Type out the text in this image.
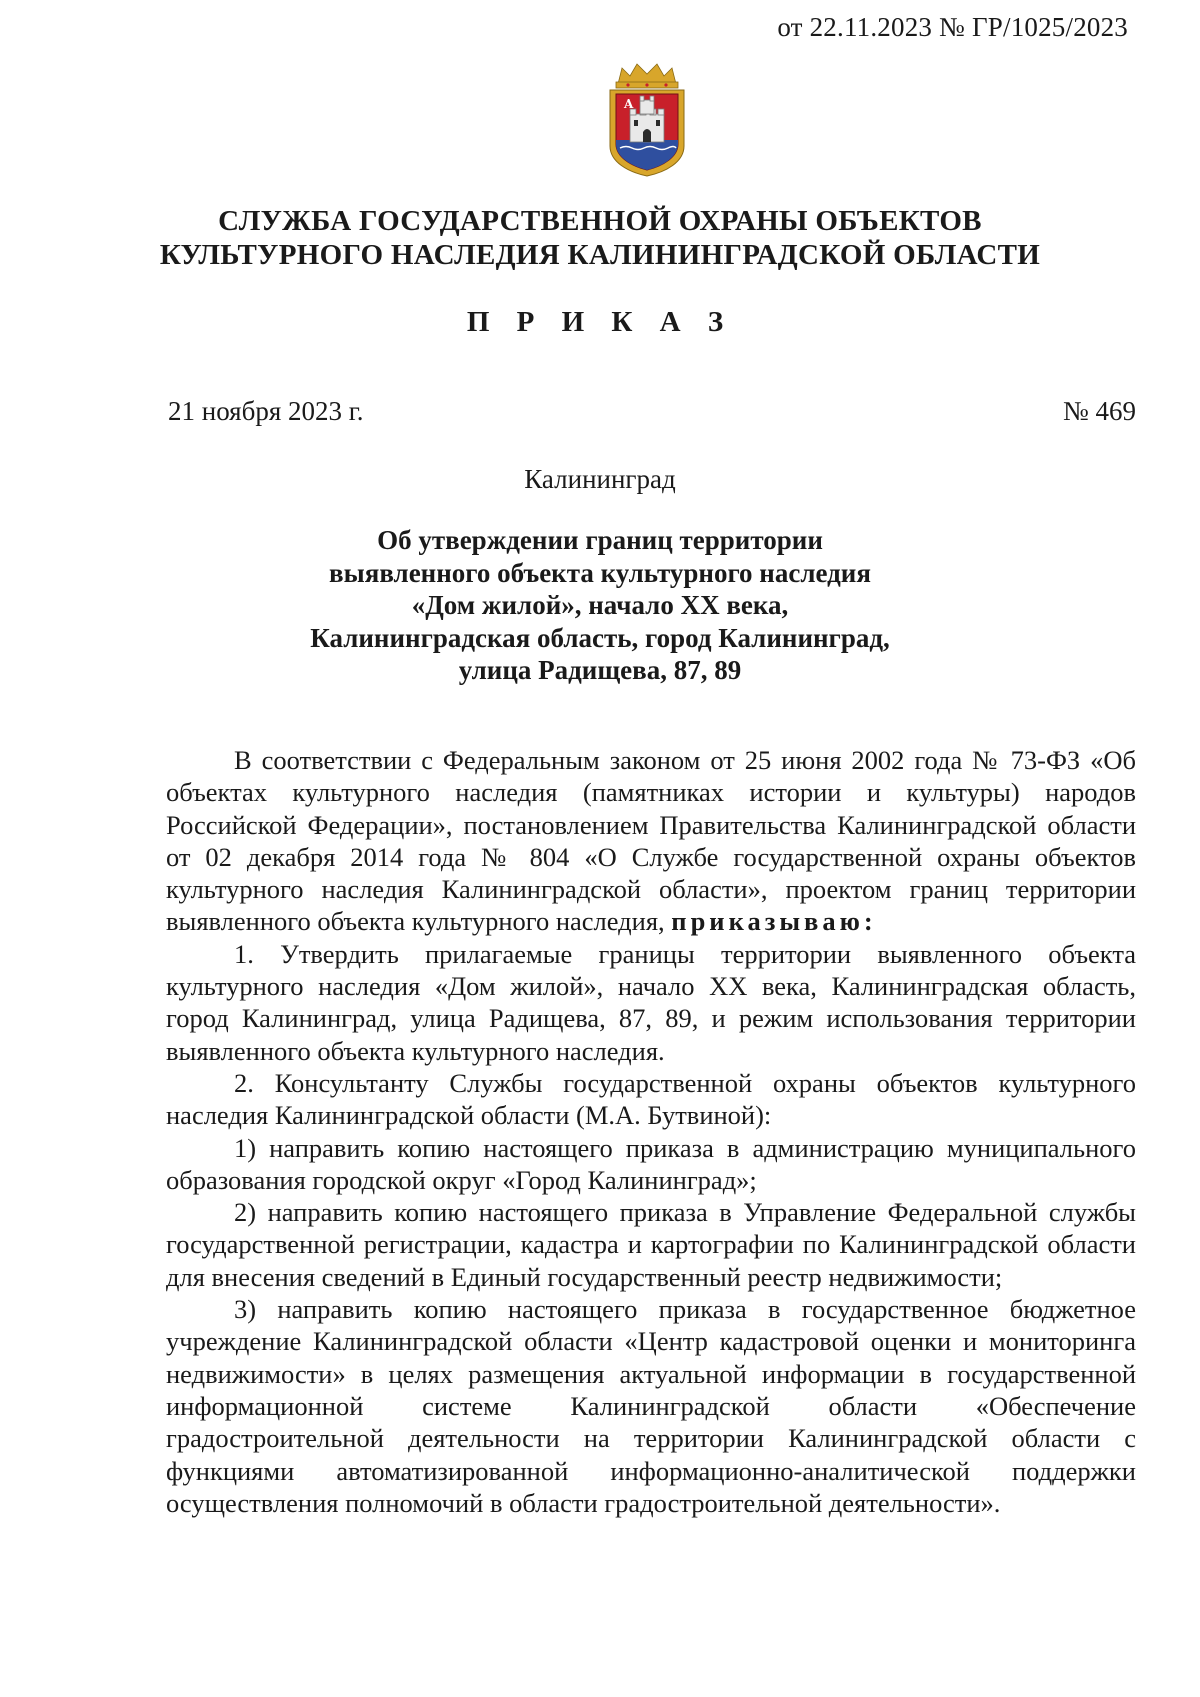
от 22.11.2023 № ГР/1025/2023
A
СЛУЖБА ГОСУДАРСТВЕННОЙ ОХРАНЫ ОБЪЕКТОВ
КУЛЬТУРНОГО НАСЛЕДИЯ КАЛИНИНГРАДСКОЙ ОБЛАСТИ
П Р И К А З
21 ноября 2023 г.	№ 469
Калининград
Об утверждении границ территории
выявленного объекта культурного наследия
«Дом жилой», начало XX века,
Калининградская область, город Калининград,
улица Радищева, 87, 89

В соответствии с Федеральным законом от 25 июня 2002 года № 73-ФЗ «Об объектах культурного наследия (памятниках истории и культуры) народов Российской Федерации», постановлением Правительства Калининградской области от 02 декабря 2014 года № 804 «О Службе государственной охраны объектов культурного наследия Калининградской области», проектом границ территории выявленного объекта культурного наследия, приказываю:

1. Утвердить прилагаемые границы территории выявленного объекта культурного наследия «Дом жилой», начало XX века, Калининградская область, город Калининград, улица Радищева, 87, 89, и режим использования территории выявленного объекта культурного наследия.

2. Консультанту Службы государственной охраны объектов культурного наследия Калининградской области (М.А. Бутвиной):

1) направить копию настоящего приказа в администрацию муниципального образования городской округ «Город Калининград»;

2) направить копию настоящего приказа в Управление Федеральной службы государственной регистрации, кадастра и картографии по Калининградской области для внесения сведений в Единый государственный реестр недвижимости;

3) направить копию настоящего приказа в государственное бюджетное учреждение Калининградской области «Центр кадастровой оценки и мониторинга недвижимости» в целях размещения актуальной информации в государственной информационной системе Калининградской области «Обеспечение градостроительной деятельности на территории Калининградской области с функциями автоматизированной информационно-аналитической поддержки осуществления полномочий в области градостроительной деятельности».
